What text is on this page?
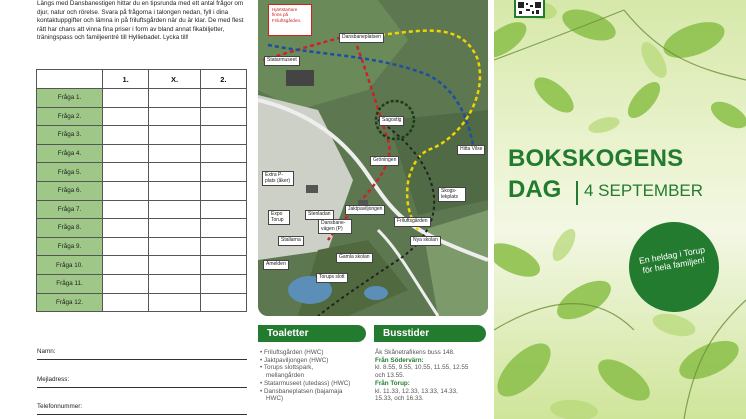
Längs med Dansbanestigen hittar du en tipsrunda med ett antal frågor om djur, natur och rörelse. Svara på frågorna i talongen nedan, fyll i dina kontaktuppgifter och lämna in på friluftsgården när du är klar. De med flest rätt har chans att vinna fina priser i form av bland annat fikabiljetter, träningspass och familjeentré till Hylliebadet. Lycka till!

	1.	X.	2.
Fråga 1.			
Fråga 2.			
Fråga 3.			
Fråga 4.			
Fråga 5.			
Fråga 6.			
Fråga 7.			
Fråga 8.			
Fråga 9.			
Fråga 10.			
Fråga 11.			
Fråga 12.			
Namn:
Mejladress:
Telefonnummer:
Hjärtstartare finns på Friluftsgården.
Dansbaneplatsen
Statarmuseet
Sagostig
Hitta Vilse
Gröningen
Extra P-plats (åker)
Skogs-lekplats
Expo Torup
Stenladan
Jaktpaviljongen
Friluftsgården
Dansbane-vägen (P)
Stallarna	Nya skolan
Gamla skolan
Amelden
Torups slott
Toaletter	Busstider
• Friluftsgården (HWC)
• Jaktpaviljongen (HWC)
• Torups slottspark,
mellangården
• Statarmuseet (utedass) (HWC)
• Dansbaneplatsen (bajamaja
HWC)
Åk Skånetrafikens buss 148.
Från Södervärn:
kl. 8.55, 9.55, 10.55, 11.55, 12.55
och 13.55.
Från Torup:
kl. 11.33, 12.33, 13.33, 14.33,
15.33, och 16.33.
BOKSKOGENS
DAG 4 SEPTEMBER
En heldag i Torup för hela familjen!
